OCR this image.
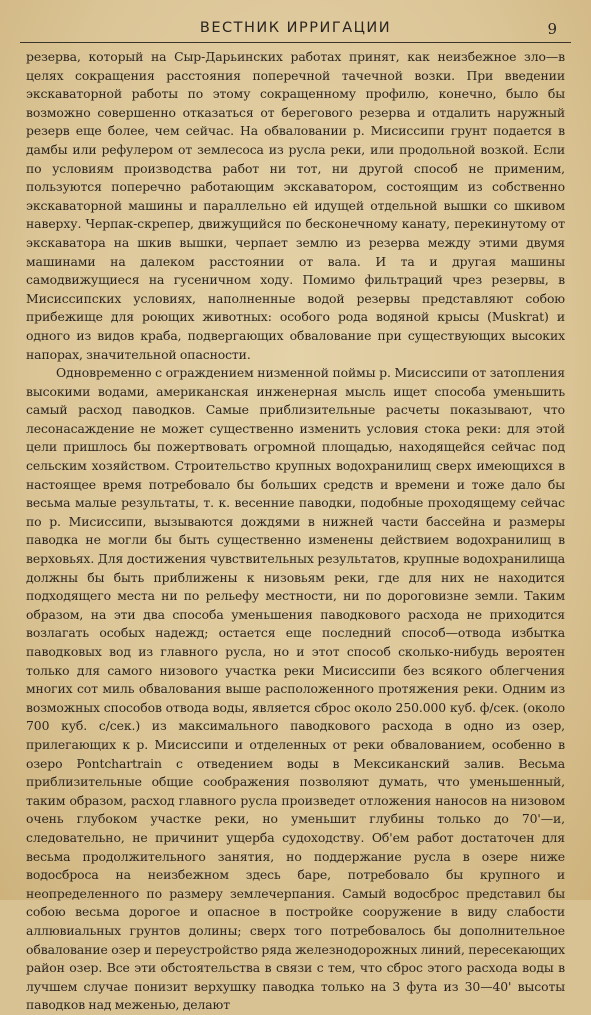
ВЕСТНИК ИРРИГАЦИИ	9

резерва, который на Сыр-Дарьинских работах принят, как неизбежное зло—в целях сокращения расстояния поперечной тачечной возки. При введении экскаваторной работы по этому сокращенному профилю, конечно, было бы возможно совершенно отказаться от берегового резерва и отдалить наружный резерв еще более, чем сейчас. На обваловании р. Мисиссипи грунт подается в дамбы или рефулером от землесоса из русла реки, или продольной возкой. Если по условиям производства работ ни тот, ни другой способ не применим, пользуются поперечно работающим экскаватором, состоящим из собственно экскаваторной машины и параллельно ей идущей отдельной вышки со шкивом наверху. Черпак-скрепер, движущийся по бесконечному канату, перекинутому от экскаватора на шкив вышки, черпает землю из резерва между этими двумя машинами на далеком расстоянии от вала. И та и другая машины самодвижущиеся на гусеничном ходу. Помимо фильтраций чрез резервы, в Мисиссипских условиях, наполненные водой резервы представляют собою прибежище для роющих животных: особого рода водяной крысы (Muskrat) и одного из видов краба, подвергающих обвалование при существующих высоких напорах, значительной опасности.

Одновременно с ограждением низменной поймы р. Мисиссипи от затопления высокими водами, американская инженерная мысль ищет способа уменьшить самый расход паводков. Самые приблизительные расчеты показывают, что лесонасаждение не может существенно изменить условия стока реки: для этой цели пришлось бы пожертвовать огромной площадью, находящейся сейчас под сельским хозяйством. Строительство крупных водохранилищ сверх имеющихся в настоящее время потребовало бы больших средств и времени и тоже дало бы весьма малые результаты, т. к. весенние паводки, подобные проходящему сейчас по р. Мисиссипи, вызываются дождями в нижней части бассейна и размеры паводка не могли бы быть существенно изменены действием водохранилищ в верховьях. Для достижения чувствительных результатов, крупные водохранилища должны бы быть приближены к низовьям реки, где для них не находится подходящего места ни по рельефу местности, ни по дороговизне земли. Таким образом, на эти два способа уменьшения паводкового расхода не приходится возлагать особых надежд; остается еще последний способ—отвода избытка паводковых вод из главного русла, но и этот способ сколько-нибудь вероятен только для самого низового участка реки Мисиссипи без всякого облегчения многих сот миль обвалования выше расположенного протяжения реки. Одним из возможных способов отвода воды, является сброс около 250.000 куб. ф/сек. (около 700 куб. с/сек.) из максимального паводкового расхода в одно из озер, прилегающих к р. Мисиссипи и отделенных от реки обвалованием, особенно в озеро Pontchartrain с отведением воды в Мексиканский залив. Весьма приблизительные общие соображения позволяют думать, что уменьшенный, таким образом, расход главного русла произведет отложения наносов на низовом очень глубоком участке реки, но уменьшит глубины только до 70'—и, следовательно, не причинит ущерба судоходству. Об'ем работ достаточен для весьма продолжительного занятия, но поддержание русла в озере ниже водосброса на неизбежном здесь баре, потребовало бы крупного и неопределенного по размеру землечерпания. Самый водосброс представил бы собою весьма дорогое и опасное в постройке сооружение в виду слабости аллювиальных грунтов долины; сверх того потребовалось бы дополнительное обвалование озер и переустройство ряда железнодорожных линий, пересекающих район озер. Все эти обстоятельства в связи с тем, что сброс этого расхода воды в лучшем случае понизит верхушку паводка только на 3 фута из 30—40' высоты паводков над меженью, делают
